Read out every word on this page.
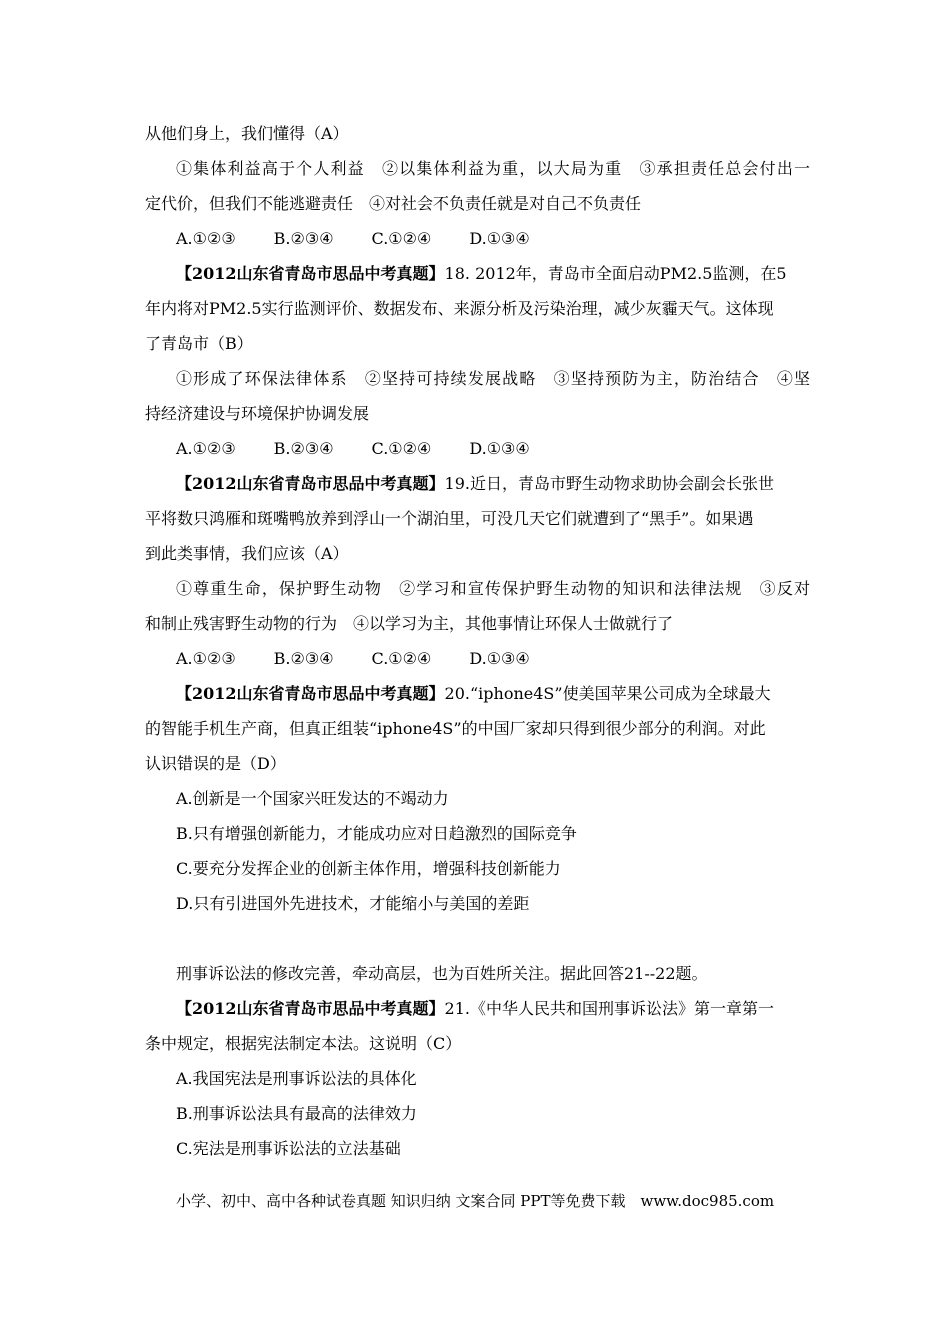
从他们身上，我们懂得（A）
①集体利益高于个人利益　②以集体利益为重，以大局为重　③承担责任总会付出一
定代价，但我们不能逃避责任　④对社会不负责任就是对自己不负责任
A.①②③ B.②③④ C.①②④ D.①③④
【2012山东省青岛市思品中考真题】18. 2012年，青岛市全面启动PM2.5监测，在5
年内将对PM2.5实行监测评价、数据发布、来源分析及污染治理，减少灰霾天气。这体现
了青岛市（B）
①形成了环保法律体系　②坚持可持续发展战略　③坚持预防为主，防治结合　④坚
持经济建设与环境保护协调发展
A.①②③ B.②③④ C.①②④ D.①③④
【2012山东省青岛市思品中考真题】19.近日，青岛市野生动物求助协会副会长张世
平将数只鸿雁和斑嘴鸭放养到浮山一个湖泊里，可没几天它们就遭到了“黑手”。如果遇
到此类事情，我们应该（A）
①尊重生命，保护野生动物　②学习和宣传保护野生动物的知识和法律法规　③反对
和制止残害野生动物的行为　④以学习为主，其他事情让环保人士做就行了
A.①②③ B.②③④ C.①②④ D.①③④
【2012山东省青岛市思品中考真题】20.“iphone4S”使美国苹果公司成为全球最大
的智能手机生产商，但真正组装“iphone4S”的中国厂家却只得到很少部分的利润。对此
认识错误的是（D）
A.创新是一个国家兴旺发达的不竭动力
B.只有增强创新能力，才能成功应对日趋激烈的国际竞争
C.要充分发挥企业的创新主体作用，增强科技创新能力
D.只有引进国外先进技术，才能缩小与美国的差距
刑事诉讼法的修改完善，牵动高层，也为百姓所关注。据此回答21--22题。
【2012山东省青岛市思品中考真题】21.《中华人民共和国刑事诉讼法》第一章第一
条中规定，根据宪法制定本法。这说明（C）
A.我国宪法是刑事诉讼法的具体化
B.刑事诉讼法具有最高的法律效力
C.宪法是刑事诉讼法的立法基础
小学、初中、高中各种试卷真题 知识归纳 文案合同 PPT等免费下载　www.doc985.com
